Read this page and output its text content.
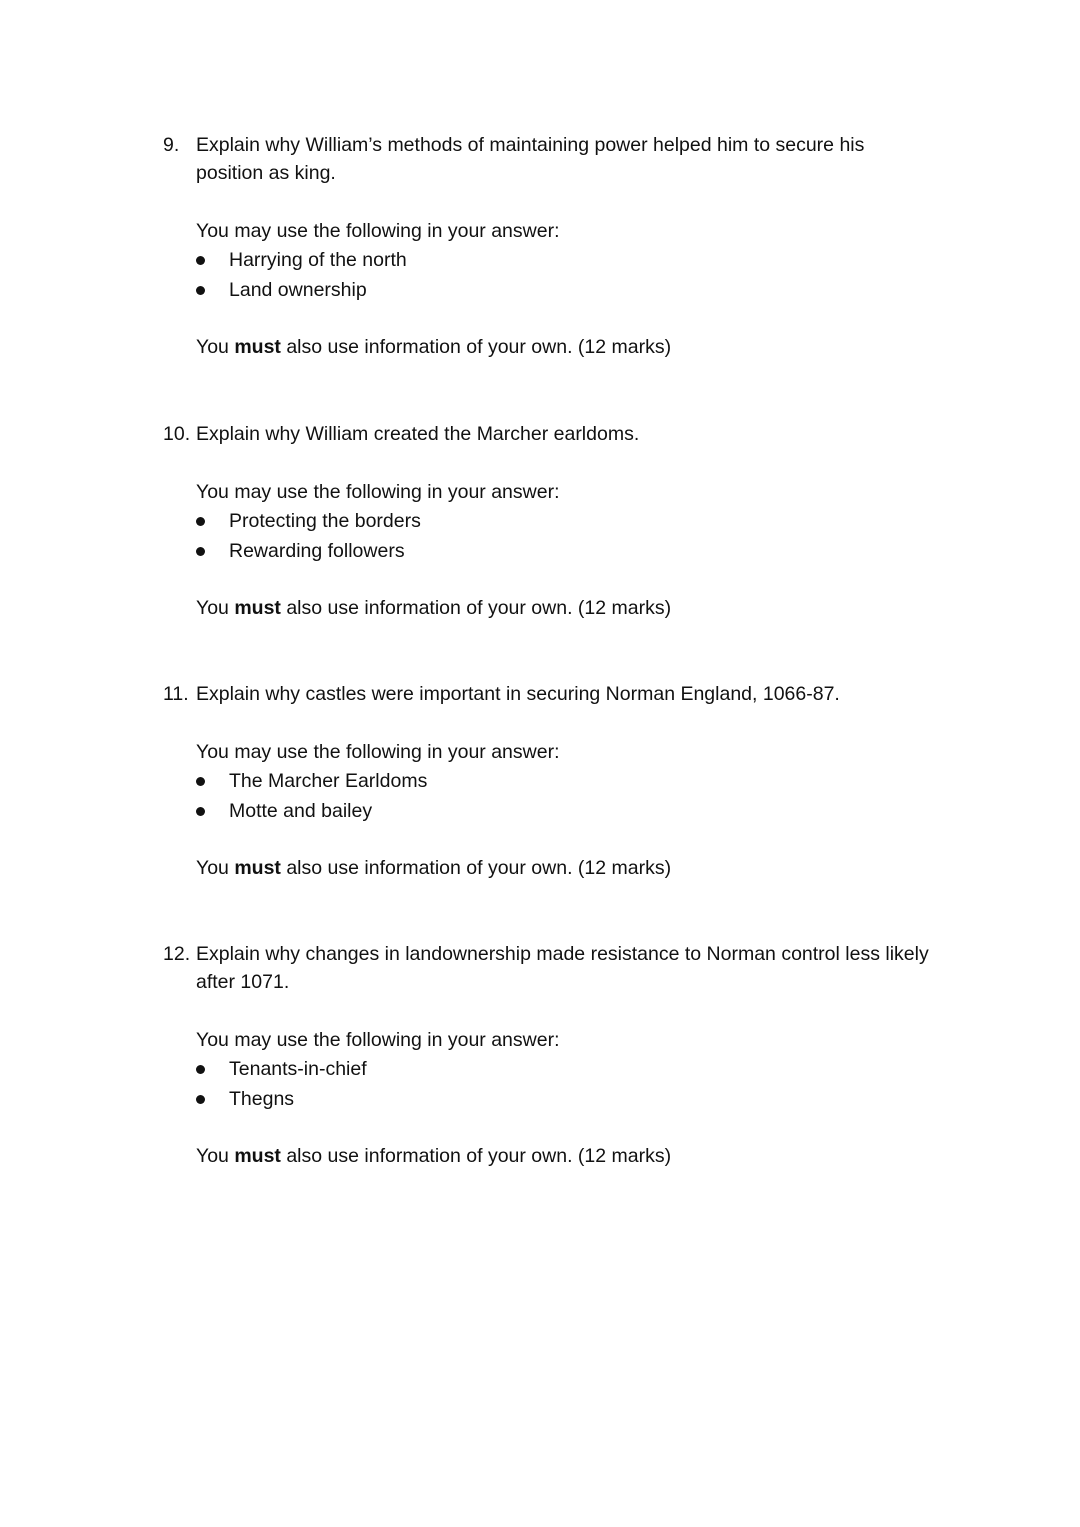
9. Explain why William’s methods of maintaining power helped him to secure his
position as king.
You may use the following in your answer:
Harrying of the north
Land ownership
You must also use information of your own. (12 marks)
10. Explain why William created the Marcher earldoms.
You may use the following in your answer:
Protecting the borders
Rewarding followers
You must also use information of your own. (12 marks)
11. Explain why castles were important in securing Norman England, 1066-87.
You may use the following in your answer:
The Marcher Earldoms
Motte and bailey
You must also use information of your own. (12 marks)
12. Explain why changes in landownership made resistance to Norman control less likely
after 1071.
You may use the following in your answer:
Tenants-in-chief
Thegns
You must also use information of your own. (12 marks)
